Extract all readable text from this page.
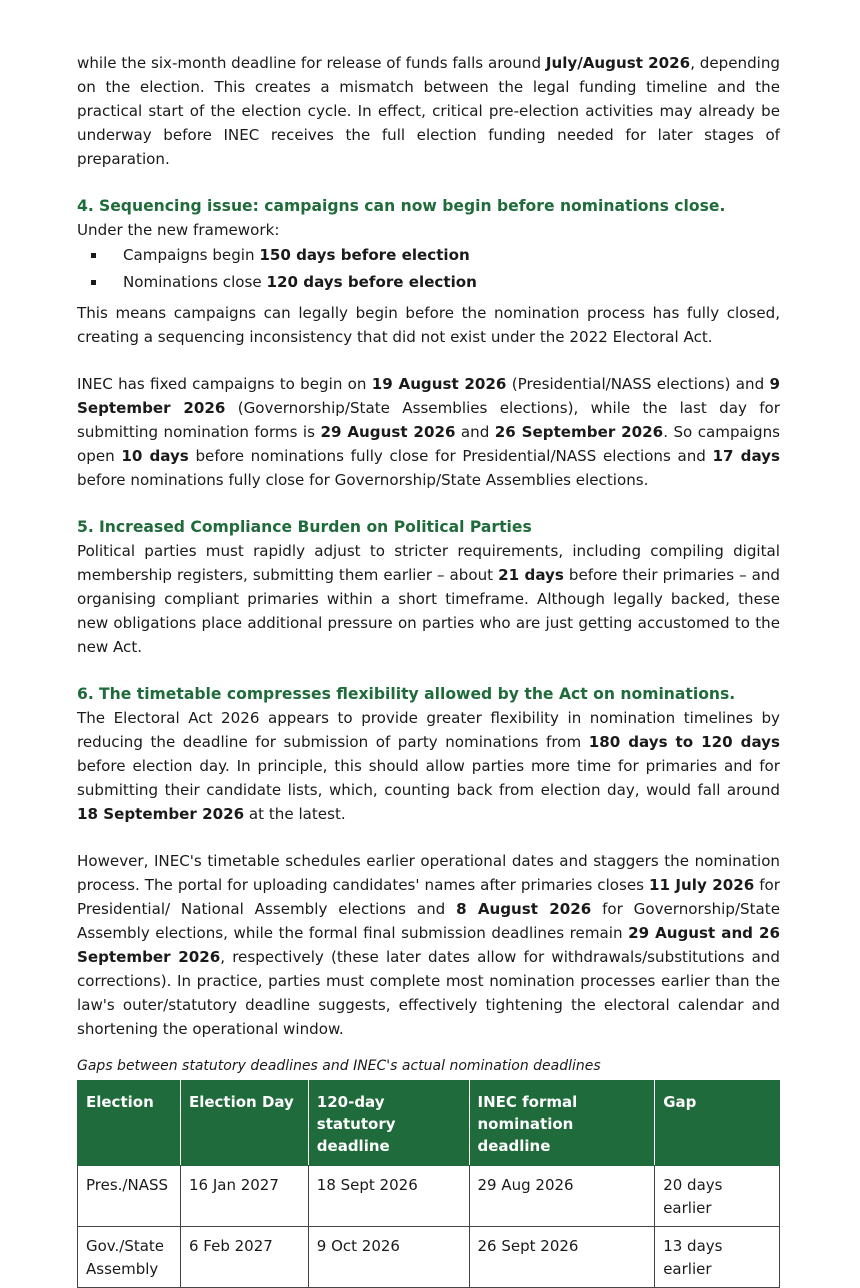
while the six-month deadline for release of funds falls around July/August 2026, depending on the election. This creates a mismatch between the legal funding timeline and the practical start of the election cycle. In effect, critical pre-election activities may already be underway before INEC receives the full election funding needed for later stages of preparation.

4. Sequencing issue: campaigns can now begin before nominations close.

Under the new framework:

Campaigns begin 150 days before election
Nominations close 120 days before election

This means campaigns can legally begin before the nomination process has fully closed, creating a sequencing inconsistency that did not exist under the 2022 Electoral Act.

INEC has fixed campaigns to begin on 19 August 2026 (Presidential/NASS elections) and 9 September 2026 (Governorship/State Assemblies elections), while the last day for submitting nomination forms is 29 August 2026 and 26 September 2026. So campaigns open 10 days before nominations fully close for Presidential/NASS elections and 17 days before nominations fully close for Governorship/State Assemblies elections.

5. Increased Compliance Burden on Political Parties

Political parties must rapidly adjust to stricter requirements, including compiling digital membership registers, submitting them earlier – about 21 days before their primaries – and organising compliant primaries within a short timeframe. Although legally backed, these new obligations place additional pressure on parties who are just getting accustomed to the new Act.

6. The timetable compresses flexibility allowed by the Act on nominations.

The Electoral Act 2026 appears to provide greater flexibility in nomination timelines by reducing the deadline for submission of party nominations from 180 days to 120 days before election day. In principle, this should allow parties more time for primaries and for submitting their candidate lists, which, counting back from election day, would fall around 18 September 2026 at the latest.

However, INEC's timetable schedules earlier operational dates and staggers the nomination process. The portal for uploading candidates' names after primaries closes 11 July 2026 for Presidential/ National Assembly elections and 8 August 2026 for Governorship/State Assembly elections, while the formal final submission deadlines remain 29 August and 26 September 2026, respectively (these later dates allow for withdrawals/substitutions and corrections). In practice, parties must complete most nomination processes earlier than the law's outer/statutory deadline suggests, effectively tightening the electoral calendar and shortening the operational window.

Gaps between statutory deadlines and INEC's actual nomination deadlines
Election	Election Day	120-day statutory deadline	INEC formal nomination deadline	Gap
Pres./NASS	16 Jan 2027	18 Sept 2026	29 Aug 2026	20 days earlier
Gov./State Assembly	6 Feb 2027	9 Oct 2026	26 Sept 2026	13 days earlier
